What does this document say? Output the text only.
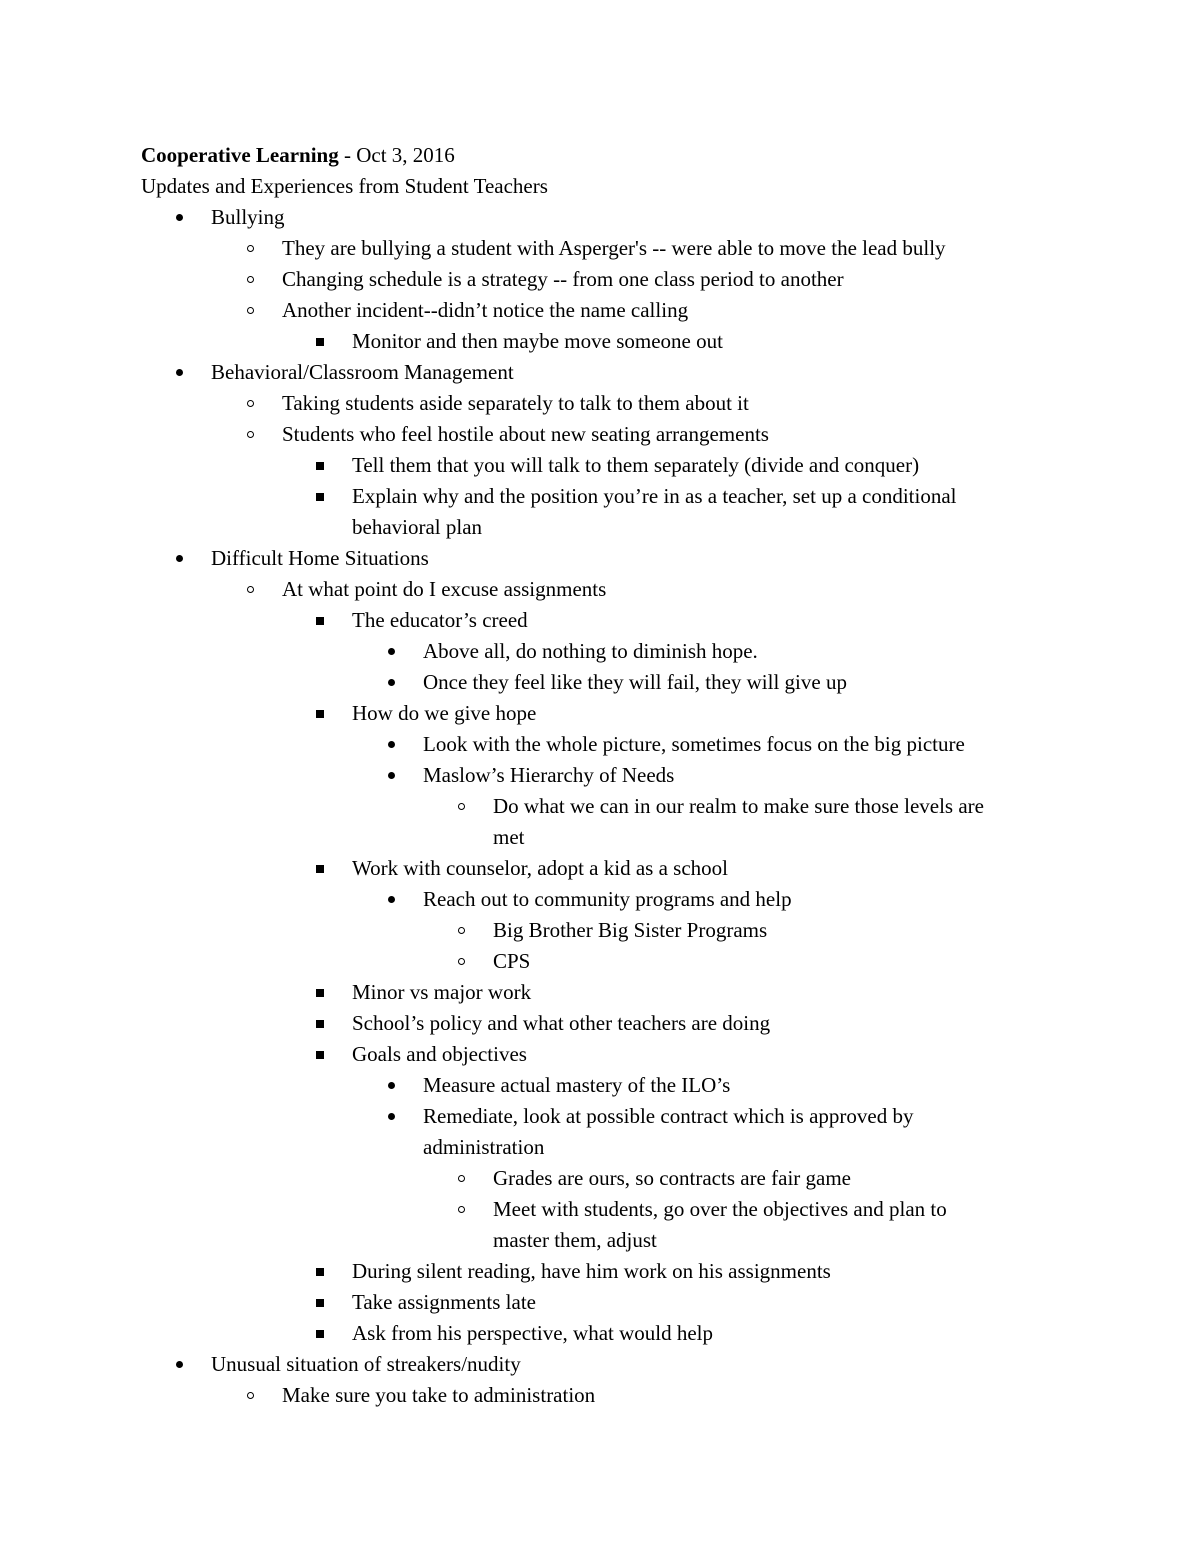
Cooperative Learning - Oct 3, 2016
Updates and Experiences from Student Teachers
Bullying
They are bullying a student with Asperger's -- were able to move the lead bully
Changing schedule is a strategy -- from one class period to another
Another incident--didn’t notice the name calling
Monitor and then maybe move someone out
Behavioral/Classroom Management
Taking students aside separately to talk to them about it
Students who feel hostile about new seating arrangements
Tell them that you will talk to them separately (divide and conquer)
Explain why and the position you’re in as a teacher, set up a conditional
behavioral plan
Difficult Home Situations
At what point do I excuse assignments
The educator’s creed
Above all, do nothing to diminish hope.
Once they feel like they will fail, they will give up
How do we give hope
Look with the whole picture, sometimes focus on the big picture
Maslow’s Hierarchy of Needs
Do what we can in our realm to make sure those levels are
met
Work with counselor, adopt a kid as a school
Reach out to community programs and help
Big Brother Big Sister Programs
CPS
Minor vs major work
School’s policy and what other teachers are doing
Goals and objectives
Measure actual mastery of the ILO’s
Remediate, look at possible contract which is approved by
administration
Grades are ours, so contracts are fair game
Meet with students, go over the objectives and plan to
master them, adjust
During silent reading, have him work on his assignments
Take assignments late
Ask from his perspective, what would help
Unusual situation of streakers/nudity
Make sure you take to administration
